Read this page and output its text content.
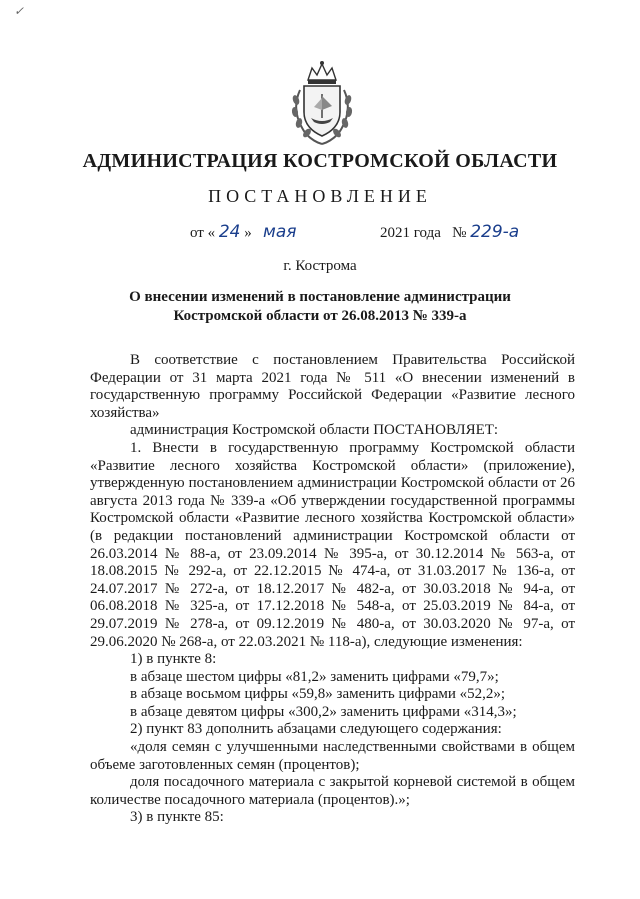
✓
АДМИНИСТРАЦИЯ КОСТРОМСКОЙ ОБЛАСТИ
ПОСТАНОВЛЕНИЕ
от « 24 » мая	2021 года № 229-а
г. Кострома
О внесении изменений в постановление администрации
Костромской области от 26.08.2013 № 339-а

В соответствие с постановлением Правительства Российской Федерации от 31 марта 2021 года № 511 «О внесении изменений в государственную программу Российской Федерации «Развитие лесного хозяйства»

администрация Костромской области ПОСТАНОВЛЯЕТ:

1. Внести в государственную программу Костромской области «Развитие лесного хозяйства Костромской области» (приложение), утвержденную постановлением администрации Костромской области от 26 августа 2013 года № 339-а «Об утверждении государственной программы Костромской области «Развитие лесного хозяйства Костромской области» (в редакции постановлений администрации Костромской области от 26.03.2014 № 88-а, от 23.09.2014 № 395-а, от 30.12.2014 № 563-а, от 18.08.2015 № 292-а, от 22.12.2015 № 474-а, от 31.03.2017 № 136-а, от 24.07.2017 № 272-а, от 18.12.2017 № 482-а, от 30.03.2018 № 94-а, от 06.08.2018 № 325-а, от 17.12.2018 № 548-а, от 25.03.2019 № 84-а, от 29.07.2019 № 278-а, от 09.12.2019 № 480-а, от 30.03.2020 № 97-а, от 29.06.2020 № 268-а, от 22.03.2021 № 118-а), следующие изменения:

1) в пункте 8:

в абзаце шестом цифры «81,2» заменить цифрами «79,7»;

в абзаце восьмом цифры «59,8» заменить цифрами «52,2»;

в абзаце девятом цифры «300,2» заменить цифрами «314,3»;

2) пункт 83 дополнить абзацами следующего содержания:

«доля семян с улучшенными наследственными свойствами в общем объеме заготовленных семян (процентов);

доля посадочного материала с закрытой корневой системой в общем количестве посадочного материала (процентов).»;

3) в пункте 85:
